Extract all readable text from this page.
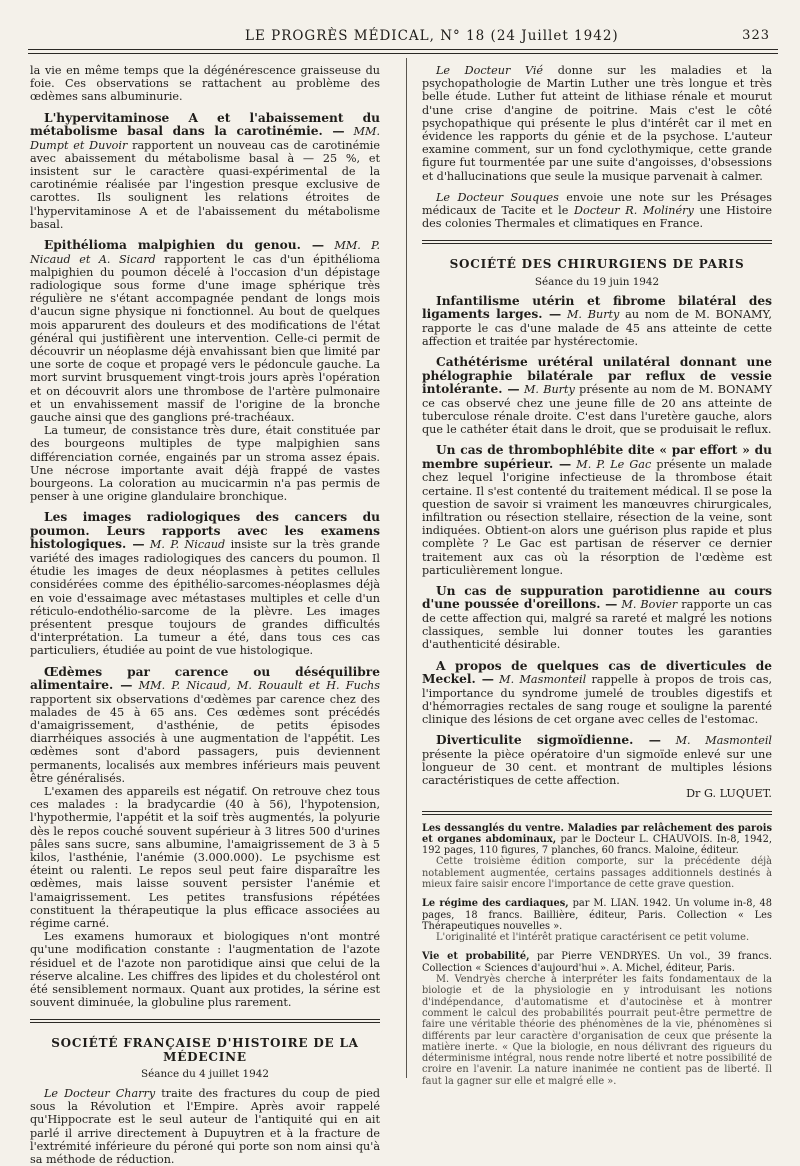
LE PROGRÈS MÉDICAL, N° 18 (24 Juillet 1942)	323

la vie en même temps que la dégénérescence graisseuse du foie. Ces observations se rattachent au problème des œdèmes sans albuminurie.

L'hypervitaminose A et l'abaissement du métabolisme basal dans la carotinémie. — MM. Dumpt et Duvoir rapportent un nouveau cas de carotinémie avec abaissement du métabolisme basal à — 25 %, et insistent sur le caractère quasi-expérimental de la carotinémie réalisée par l'ingestion presque exclusive de carottes. Ils soulignent les relations étroites de l'hypervitaminose A et de l'abaissement du métabolisme basal.

Epithélioma malpighien du genou. — MM. P. Nicaud et A. Sicard rapportent le cas d'un épithélioma malpighien du poumon décelé à l'occasion d'un dépistage radiologique sous forme d'une image sphérique très régulière ne s'étant accompagnée pendant de longs mois d'aucun signe physique ni fonctionnel. Au bout de quelques mois apparurent des douleurs et des modifications de l'état général qui justifièrent une intervention. Celle-ci permit de découvrir un néoplasme déjà envahissant bien que limité par une sorte de coque et propagé vers le pédoncule gauche. La mort survint brusquement vingt-trois jours après l'opération et on découvrit alors une thrombose de l'artère pulmonaire et un envahissement massif de l'origine de la bronche gauche ainsi que des ganglions pré-trachéaux.

La tumeur, de consistance très dure, était constituée par des bourgeons multiples de type malpighien sans différenciation cornée, engainés par un stroma assez épais. Une nécrose importante avait déjà frappé de vastes bourgeons. La coloration au mucicarmin n'a pas permis de penser à une origine glandulaire bronchique.

Les images radiologiques des cancers du poumon. Leurs rapports avec les examens histologiques. — M. P. Nicaud insiste sur la très grande variété des images radiologiques des cancers du poumon. Il étudie les images de deux néoplasmes à petites cellules considérées comme des épithélio-sarcomes-néoplasmes déjà en voie d'essaimage avec métastases multiples et celle d'un réticulo-endothélio-sarcome de la plèvre. Les images présentent presque toujours de grandes difficultés d'interprétation. La tumeur a été, dans tous ces cas particuliers, étudiée au point de vue histologique.

Œdèmes par carence ou déséquilibre alimentaire. — MM. P. Nicaud, M. Rouault et H. Fuchs rapportent six observations d'œdèmes par carence chez des malades de 45 à 65 ans. Ces œdèmes sont précédés d'amaigrissement, d'asthénie, de petits épisodes diarrhéiques associés à une augmentation de l'appétit. Les œdèmes sont d'abord passagers, puis deviennent permanents, localisés aux membres inférieurs mais peuvent être généralisés.

L'examen des appareils est négatif. On retrouve chez tous ces malades : la bradycardie (40 à 56), l'hypotension, l'hypothermie, l'appétit et la soif très augmentés, la polyurie dès le repos couché souvent supérieur à 3 litres 500 d'urines pâles sans sucre, sans albumine, l'amaigrissement de 3 à 5 kilos, l'asthénie, l'anémie (3.000.000). Le psychisme est éteint ou ralenti. Le repos seul peut faire disparaître les œdèmes, mais laisse souvent persister l'anémie et l'amaigrissement. Les petites transfusions répétées constituent la thérapeutique la plus efficace associées au régime carné.

Les examens humoraux et biologiques n'ont montré qu'une modification constante : l'augmentation de l'azote résiduel et de l'azote non parotidique ainsi que celui de la réserve alcaline. Les chiffres des lipides et du cholestérol ont été sensiblement normaux. Quant aux protides, la sérine est souvent diminuée, la globuline plus rarement.

SOCIÉTÉ FRANÇAISE D'HISTOIRE DE LA MÉDECINE
Séance du 4 juillet 1942

Le Docteur Charry traite des fractures du coup de pied sous la Révolution et l'Empire. Après avoir rappelé qu'Hippocrate est le seul auteur de l'antiquité qui en ait parlé il arrive directement à Dupuytren et à la fracture de l'extrémité inférieure du péroné qui porte son nom ainsi qu'à sa méthode de réduction.

Le Docteur Vié donne sur les maladies et la psychopathologie de Martin Luther une très longue et très belle étude. Luther fut atteint de lithiase rénale et mourut d'une crise d'angine de poitrine. Mais c'est le côté psychopathique qui présente le plus d'intérêt car il met en évidence les rapports du génie et de la psychose. L'auteur examine comment, sur un fond cyclothymique, cette grande figure fut tourmentée par une suite d'angoisses, d'obsessions et d'hallucinations que seule la musique parvenait à calmer.

Le Docteur Souques envoie une note sur les Présages médicaux de Tacite et le Docteur R. Molinéry une Histoire des colonies Thermales et climatiques en France.

SOCIÉTÉ DES CHIRURGIENS DE PARIS
Séance du 19 juin 1942

Infantilisme utérin et fibrome bilatéral des ligaments larges. — M. Burty au nom de M. BONAMY, rapporte le cas d'une malade de 45 ans atteinte de cette affection et traitée par hystérectomie.

Cathétérisme urétéral unilatéral donnant une phélographie bilatérale par reflux de vessie intolérante. — M. Burty présente au nom de M. BONAMY ce cas observé chez une jeune fille de 20 ans atteinte de tuberculose rénale droite. C'est dans l'uretère gauche, alors que le cathéter était dans le droit, que se produisait le reflux.

Un cas de thrombophlébite dite « par effort » du membre supérieur. — M. P. Le Gac présente un malade chez lequel l'origine infectieuse de la thrombose était certaine. Il s'est contenté du traitement médical. Il se pose la question de savoir si vraiment les manœuvres chirurgicales, infiltration ou résection stellaire, résection de la veine, sont indiquées. Obtient-on alors une guérison plus rapide et plus complète ? Le Gac est partisan de réserver ce dernier traitement aux cas où la résorption de l'œdème est particulièrement longue.

Un cas de suppuration parotidienne au cours d'une poussée d'oreillons. — M. Bovier rapporte un cas de cette affection qui, malgré sa rareté et malgré les notions classiques, semble lui donner toutes les garanties d'authenticité désirable.

A propos de quelques cas de diverticules de Meckel. — M. Masmonteil rappelle à propos de trois cas, l'importance du syndrome jumelé de troubles digestifs et d'hémorragies rectales de sang rouge et souligne la parenté clinique des lésions de cet organe avec celles de l'estomac.

Diverticulite sigmoïdienne. — M. Masmonteil présente la pièce opératoire d'un sigmoïde enlevé sur une longueur de 30 cent. et montrant de multiples lésions caractéristiques de cette affection.

Dr G. LUQUET.

Les dessanglés du ventre. Maladies par relâchement des parois et organes abdominaux, par le Docteur L. CHAUVOIS. In-8, 1942, 192 pages, 110 figures, 7 planches, 60 francs. Maloine, éditeur.

Cette troisième édition comporte, sur la précédente déjà notablement augmentée, certains passages additionnels destinés à mieux faire saisir encore l'importance de cette grave question.

Le régime des cardiaques, par M. LIAN. 1942. Un volume in-8, 48 pages, 18 francs. Baillière, éditeur, Paris. Collection « Les Thérapeutiques nouvelles ».

L'originalité et l'intérêt pratique caractérisent ce petit volume.

Vie et probabilité, par Pierre VENDRYES. Un vol., 39 francs. Collection « Sciences d'aujourd'hui ». A. Michel, éditeur, Paris.

M. Vendryès cherche à interpréter les faits fondamentaux de la biologie et de la physiologie en y introduisant les notions d'indépendance, d'automatisme et d'autocinèse et à montrer comment le calcul des probabilités pourrait peut-être permettre de faire une véritable théorie des phénomènes de la vie, phénomènes si différents par leur caractère d'organisation de ceux que présente la matière inerte. « Que la biologie, en nous délivrant des rigueurs du déterminisme intégral, nous rende notre liberté et notre possibilité de croire en l'avenir. La nature inanimée ne contient pas de liberté. Il faut la gagner sur elle et malgré elle ».
